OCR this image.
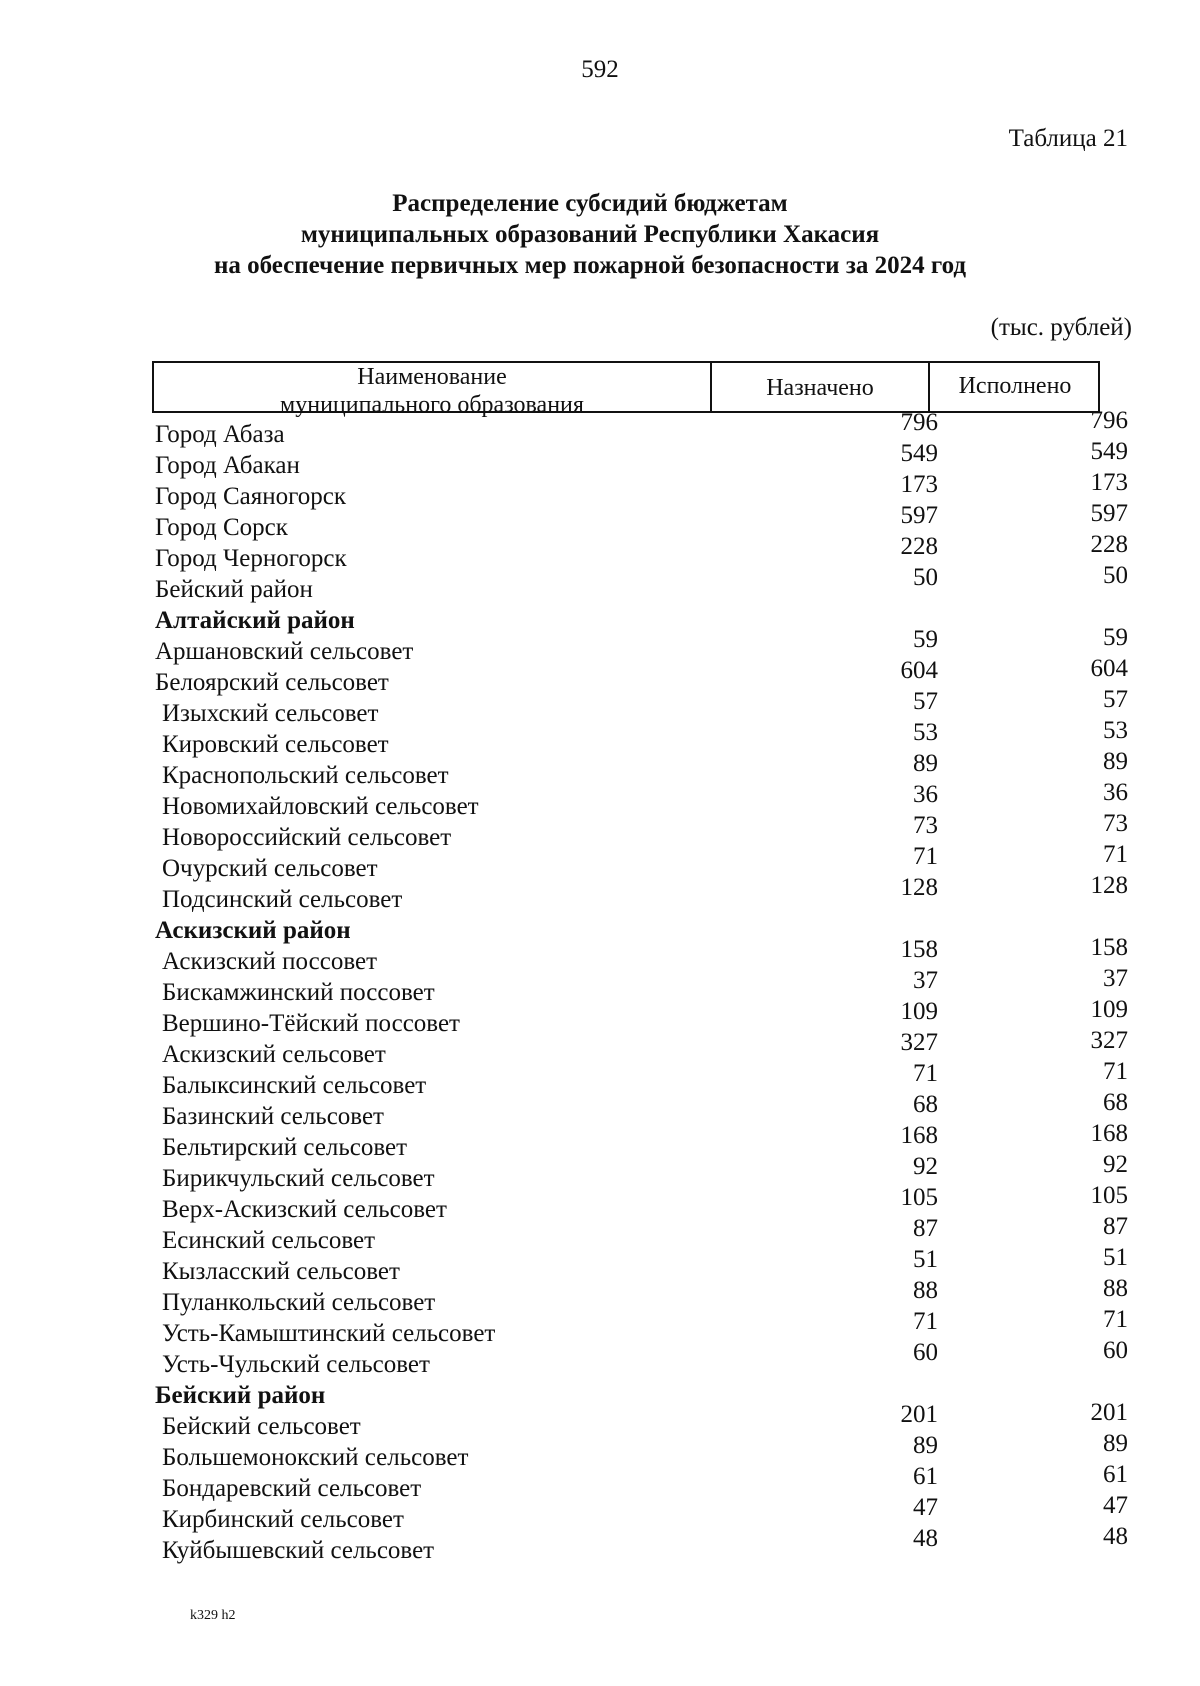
592
Таблица 21
Распределение субсидий бюджетам
муниципальных образований Республики Хакасия
на обеспечение первичных мер пожарной безопасности за 2024 год
(тыс. рублей)
Наименование
муниципального образования
Назначено	Исполнено
Город Абаза	796	796
Город Абакан	549	549
Город Саяногорск	173	173
Город Сорск	597	597
Город Черногорск	228	228
Бейский район	50	50
Алтайский район
Аршановский сельсовет	59	59
Белоярский сельсовет	604	604
Изыхский сельсовет	57	57
Кировский сельсовет	53	53
Краснопольский сельсовет	89	89
Новомихайловский сельсовет	36	36
Новороссийский сельсовет	73	73
Очурский сельсовет	71	71
Подсинский сельсовет	128	128
Аскизский район
Аскизский поссовет	158	158
Бискамжинский поссовет	37	37
Вершино-Тёйский поссовет	109	109
Аскизский сельсовет	327	327
Балыксинский сельсовет	71	71
Базинский сельсовет	68	68
Бельтирский сельсовет	168	168
Бирикчульский сельсовет	92	92
Верх-Аскизский сельсовет	105	105
Есинский сельсовет	87	87
Кызласский сельсовет	51	51
Пуланкольский сельсовет	88	88
Усть-Камыштинский сельсовет	71	71
Усть-Чульский сельсовет	60	60
Бейский район
Бейский сельсовет	201	201
Большемонокский сельсовет	89	89
Бондаревский сельсовет	61	61
Кирбинский сельсовет	47	47
Куйбышевский сельсовет	48	48
k329 h2
